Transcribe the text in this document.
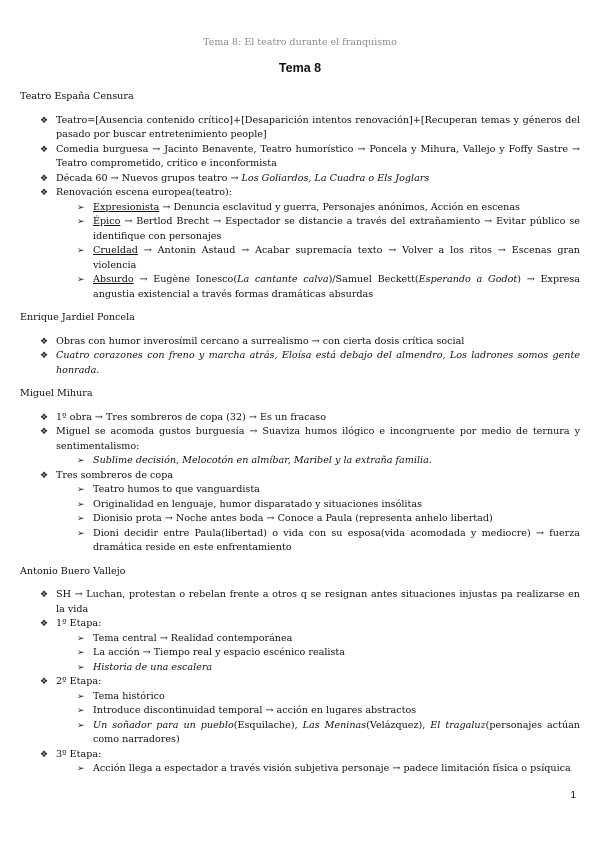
Tema 8: El teatro durante el franquismo
Tema 8
Teatro España Censura
❖ Teatro=[Ausencia contenido crítico]+[Desaparición intentos renovación]+[Recuperan temas y géneros del pasado por buscar entretenimiento people]
❖ Comedia burguesa → Jacinto Benavente, Teatro humorístico → Poncela y Mihura, Vallejo y Foffy Sastre → Teatro comprometido, crítico e inconformista
❖ Década 60 → Nuevos grupos teatro → Los Goliardos, La Cuadra o Els Joglars
❖ Renovación escena europea(teatro):
➢ Expresionista → Denuncia esclavitud y guerra, Personajes anónimos, Acción en escenas
➢ Épico → Bertlod Brecht → Espectador se distancie a través del extrañamiento → Evitar público se identifique con personajes
➢ Crueldad → Antonin Astaud → Acabar supremacía texto → Volver a los ritos → Escenas gran violencia
➢ Absurdo → Eugène Ionesco(La cantante calva)/Samuel Beckett(Esperando a Godot) → Expresa angustia existencial a través formas dramáticas absurdas
Enrique Jardiel Poncela
❖ Obras con humor inverosímil cercano a surrealismo → con cierta dosis crítica social
❖ Cuatro corazones con freno y marcha atrás, Eloísa está debajo del almendro, Los ladrones somos gente honrada.
Miguel Mihura
❖ 1º obra → Tres sombreros de copa (32) → Es un fracaso
❖ Miguel se acomoda gustos burguesía → Suaviza humos ilógico e incongruente por medio de ternura y sentimentalismo:
➢ Sublime decisión, Melocotón en almíbar, Maribel y la extraña familia.
❖ Tres sombreros de copa
➢ Teatro humos to que vanguardista
➢ Originalidad en lenguaje, humor disparatado y situaciones insólitas
➢ Dionisio prota → Noche antes boda → Conoce a Paula (representa anhelo libertad)
➢ Dioni decidir entre Paula(libertad) o vida con su esposa(vida acomodada y mediocre) → fuerza dramática reside en este enfrentamiento
Antonio Buero Vallejo
❖ SH → Luchan, protestan o rebelan frente a otros q se resignan antes situaciones injustas pa realizarse en la vida
❖ 1º Etapa:
➢ Tema central → Realidad contemporánea
➢ La acción → Tiempo real y espacio escénico realista
➢ Historia de una escalera
❖ 2º Etapa:
➢ Tema histórico
➢ Introduce discontinuidad temporal → acción en lugares abstractos
➢ Un soñador para un pueblo(Esquilache), Las Meninas(Velázquez), El tragaluz(personajes actúan como narradores)
❖ 3º Etapa:
➢ Acción llega a espectador a través visión subjetiva personaje → padece limitación física o psíquica
1
